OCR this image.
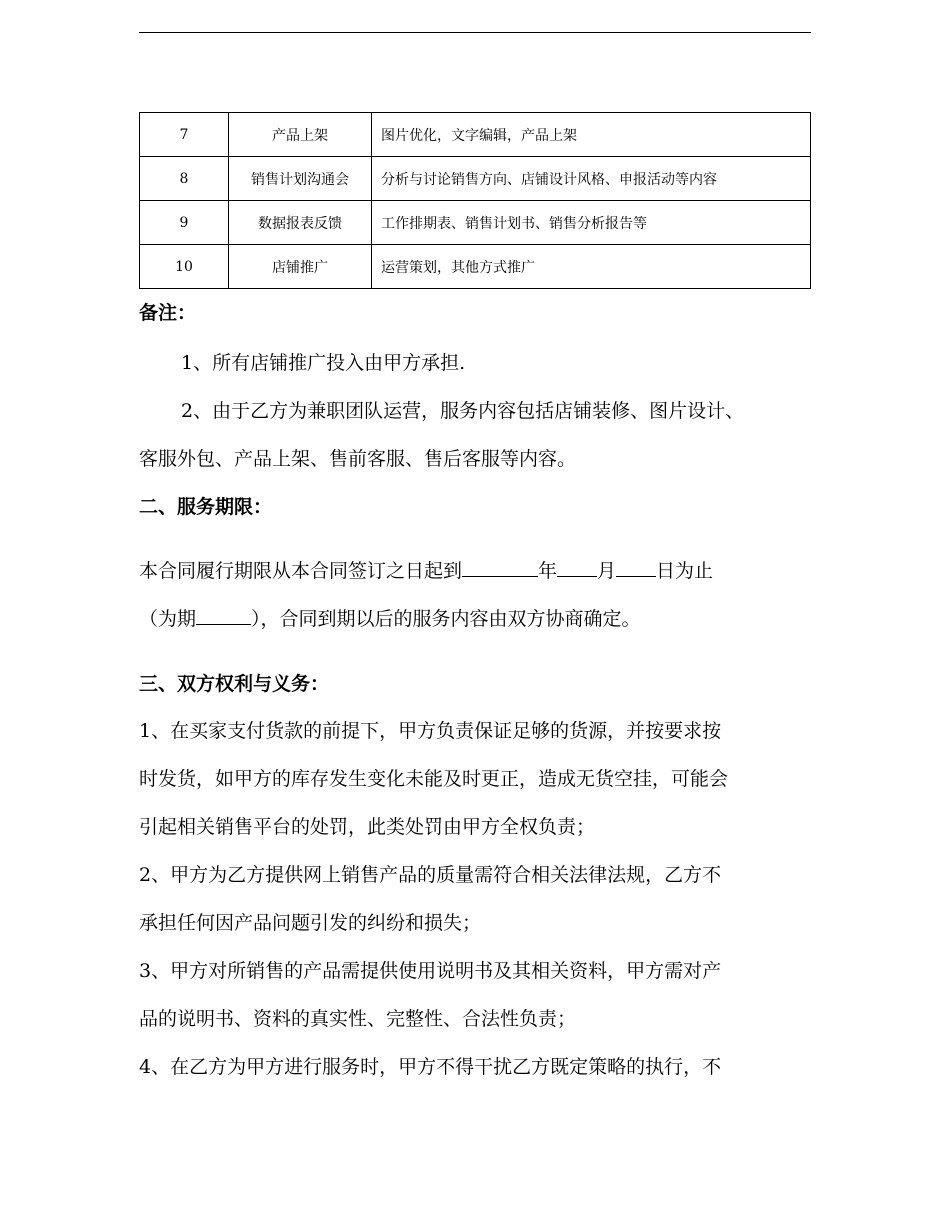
7	产品上架	图片优化，文字编辑，产品上架
8	销售计划沟通会	分析与讨论销售方向、店铺设计风格、申报活动等内容
9	数据报表反馈	工作排期表、销售计划书、销售分析报告等
10	店铺推广	运营策划，其他方式推广
备注：
1、所有店铺推广投入由甲方承担.
2、由于乙方为兼职团队运营，服务内容包括店铺装修、图片设计、
客服外包、产品上架、售前客服、售后客服等内容。
二、服务期限：
本合同履行期限从本合同签订之日起到	年 月 日为止
（为期	），合同到期以后的服务内容由双方协商确定。
三、双方权利与义务：
1、在买家支付货款的前提下，甲方负责保证足够的货源，并按要求按
时发货，如甲方的库存发生变化未能及时更正，造成无货空挂，可能会
引起相关销售平台的处罚，此类处罚由甲方全权负责；
2、甲方为乙方提供网上销售产品的质量需符合相关法律法规，乙方不
承担任何因产品问题引发的纠纷和损失；
3、甲方对所销售的产品需提供使用说明书及其相关资料，甲方需对产
品的说明书、资料的真实性、完整性、合法性负责；
4、在乙方为甲方进行服务时，甲方不得干扰乙方既定策略的执行，不
